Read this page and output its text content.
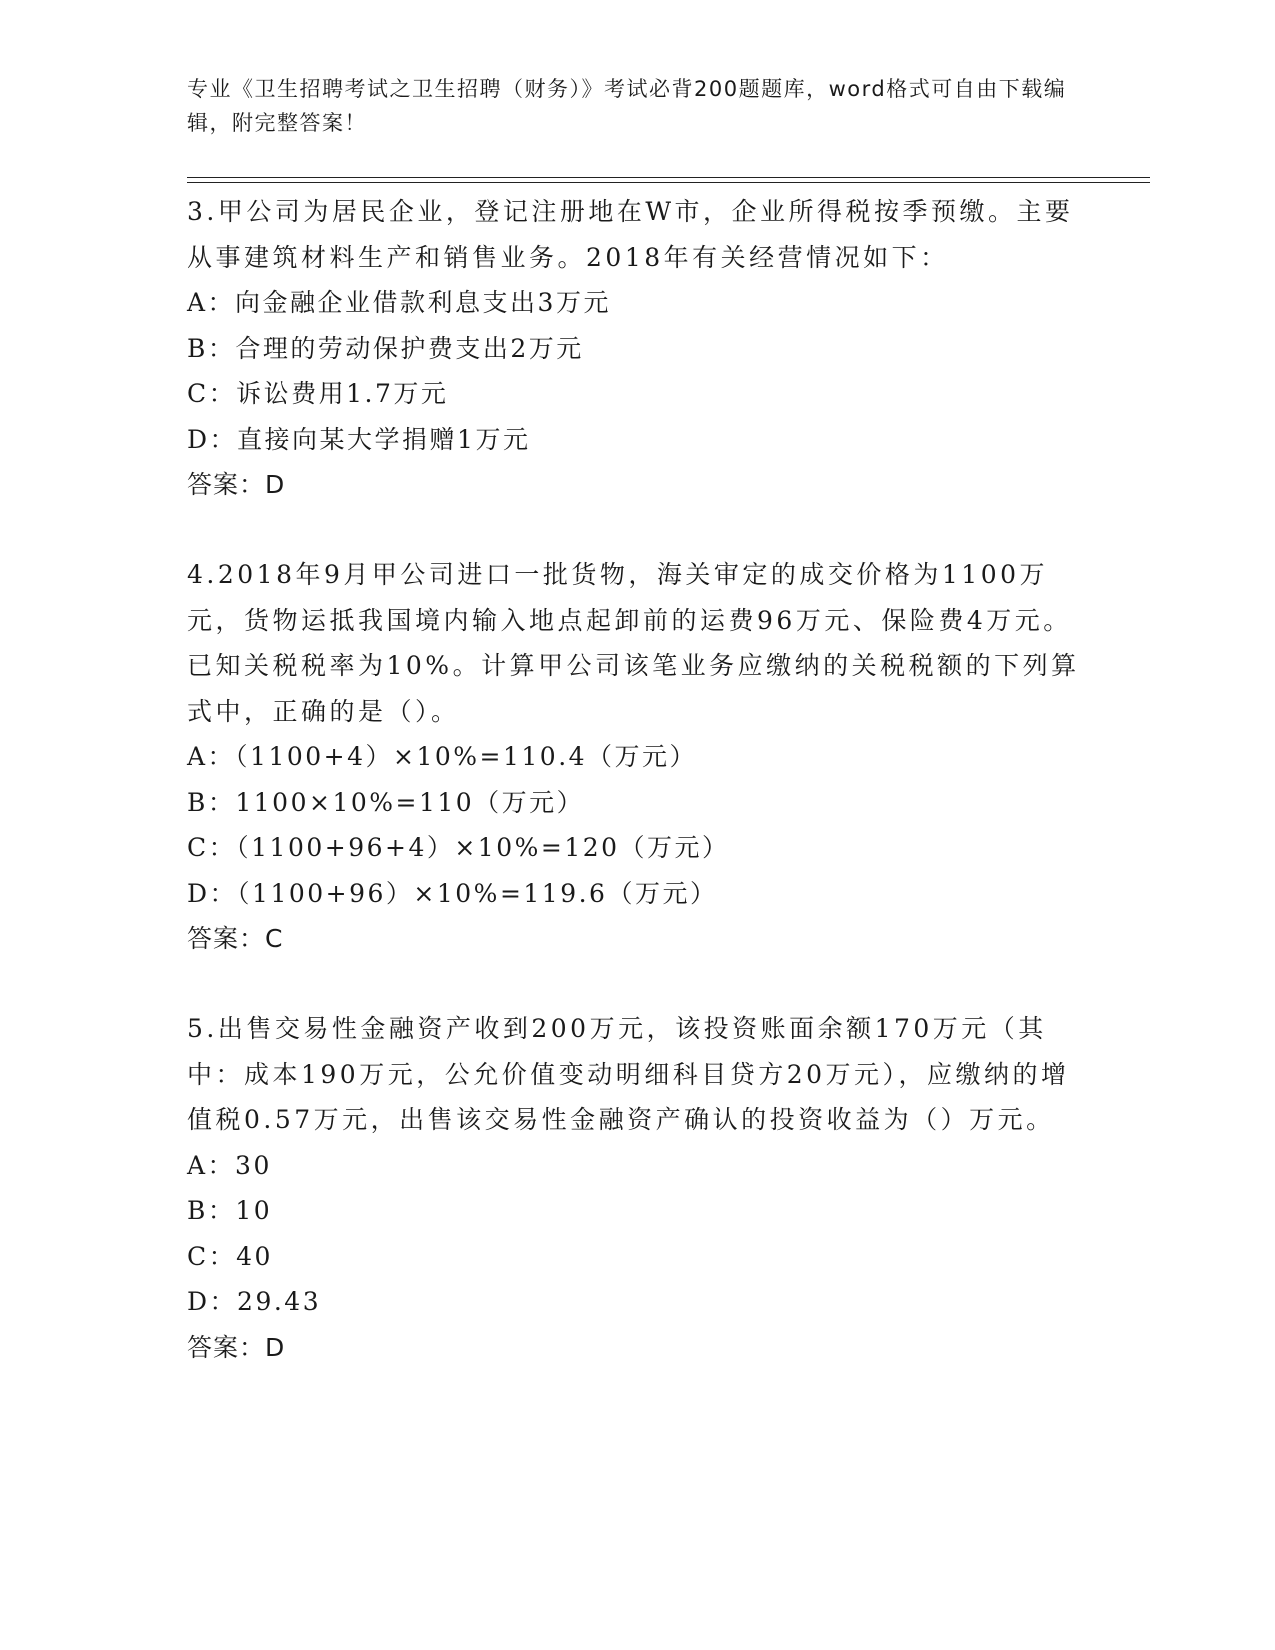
专业《卫生招聘考试之卫生招聘（财务）》考试必背200题题库，word格式可自由下载编辑，附完整答案！

3.甲公司为居民企业，登记注册地在W市，企业所得税按季预缴。主要从事建筑材料生产和销售业务。2018年有关经营情况如下：

A：向金融企业借款利息支出3万元

B：合理的劳动保护费支出2万元

C：诉讼费用1.7万元

D：直接向某大学捐赠1万元

答案：D

4.2018年9月甲公司进口一批货物，海关审定的成交价格为1100万元，货物运抵我国境内输入地点起卸前的运费96万元、保险费4万元。已知关税税率为10%。计算甲公司该笔业务应缴纳的关税税额的下列算式中，正确的是（）。

A：（1100+4）×10%=110.4（万元）

B：1100×10%=110（万元）

C：（1100+96+4）×10%=120（万元）

D：（1100+96）×10%=119.6（万元）

答案：C

5.出售交易性金融资产收到200万元，该投资账面余额170万元（其中：成本190万元，公允价值变动明细科目贷方20万元），应缴纳的增值税0.57万元，出售该交易性金融资产确认的投资收益为（）万元。

A：30

B：10

C：40

D：29.43

答案：D
